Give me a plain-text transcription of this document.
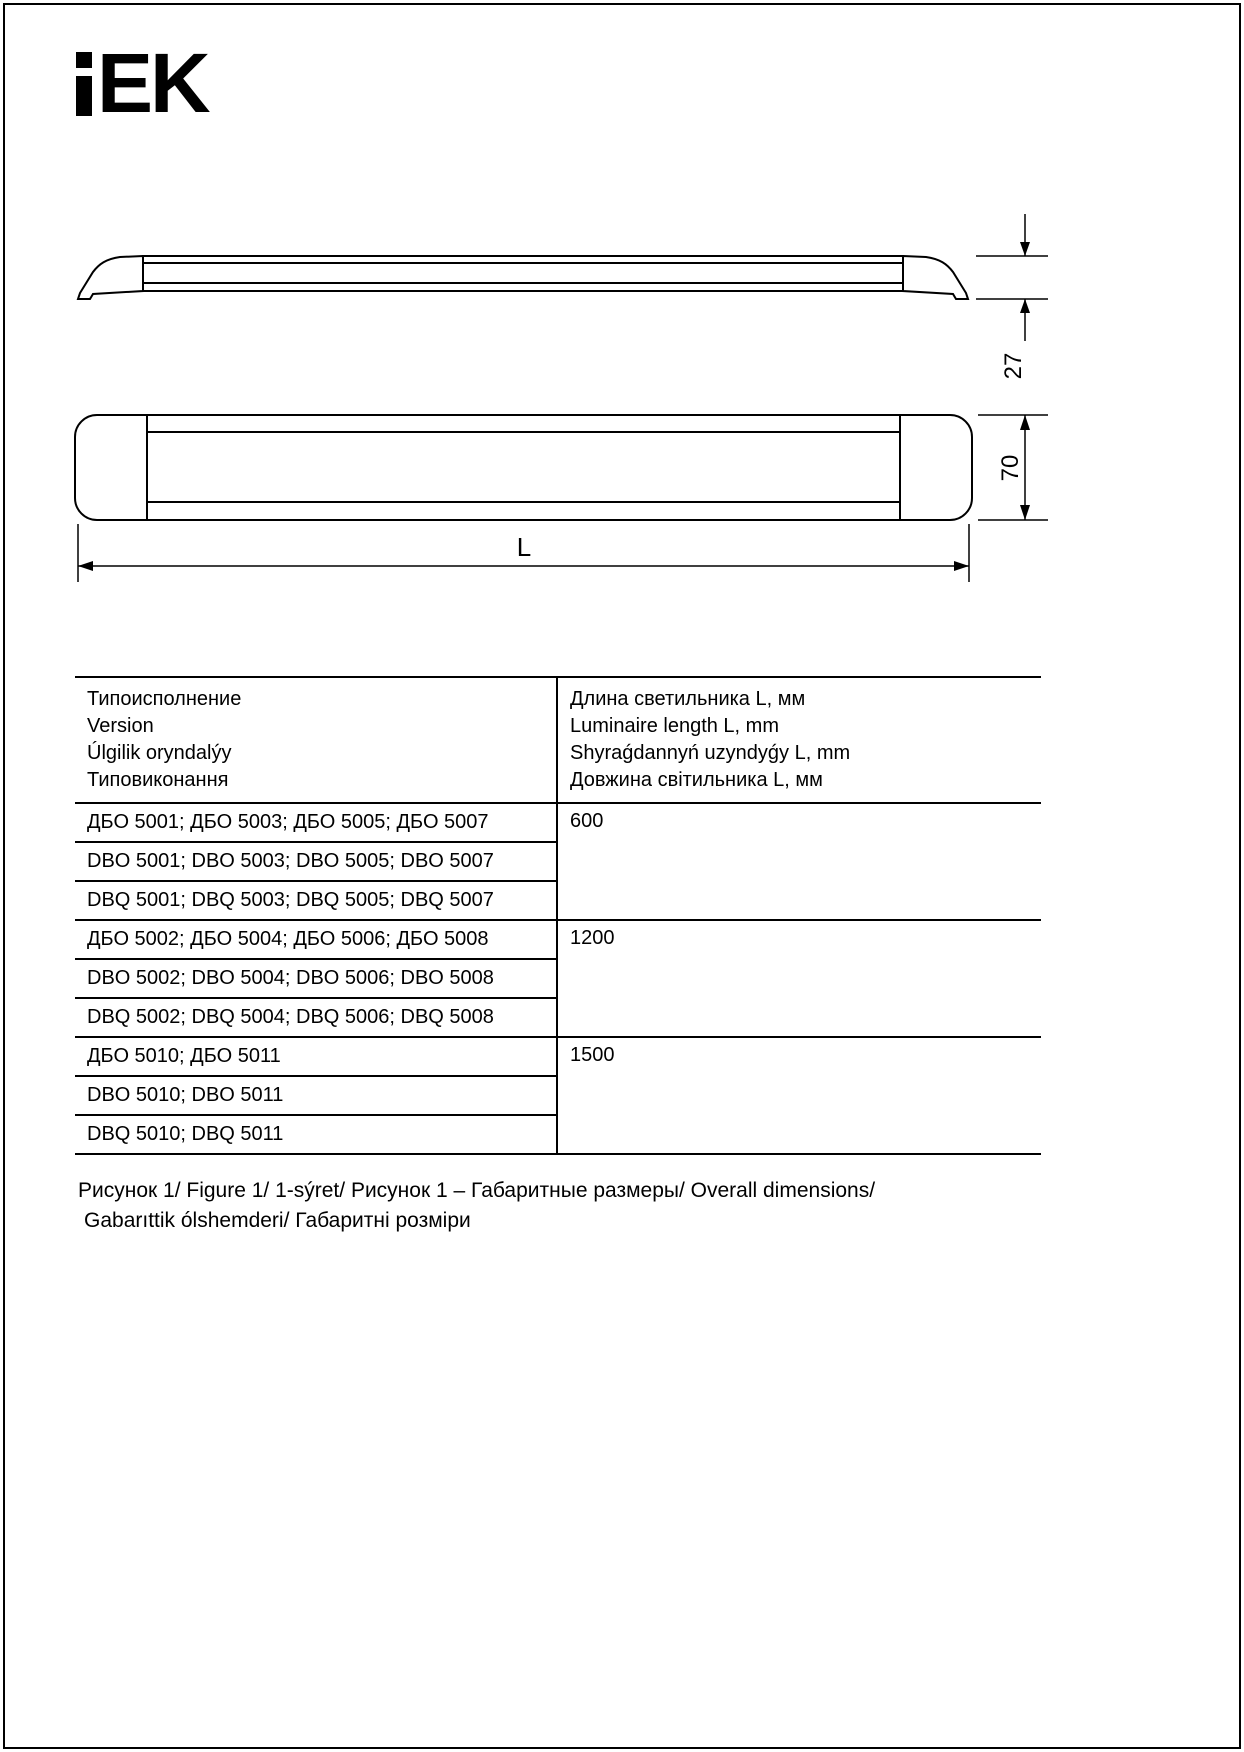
EK
27
70
L
Типоисполнение
Version
Úlgilik oryndalýy
Типовиконання

Длина светильника L, мм
Luminaire length L, mm
Shyraǵdannyń uzyndyǵy L, mm
Довжина світильника L, мм

ДБО 5001; ДБО 5003; ДБО 5005; ДБО 5007	600
DBO 5001; DBO 5003; DBO 5005; DBO 5007	
DBQ 5001; DBQ 5003; DBQ 5005; DBQ 5007	
ДБО 5002; ДБО 5004; ДБО 5006; ДБО 5008	1200
DBO 5002; DBO 5004; DBO 5006; DBO 5008	
DBQ 5002; DBQ 5004; DBQ 5006; DBQ 5008	
ДБО 5010; ДБО 5011	1500
DBO 5010; DBO 5011	
DBQ 5010; DBQ 5011	
Рисунок 1/ Figure 1/ 1-sýret/ Рисунок 1 – Габаритные размеры/ Overall dimensions/
Gabarıttik ólshemderi/ Габаритні розміри
